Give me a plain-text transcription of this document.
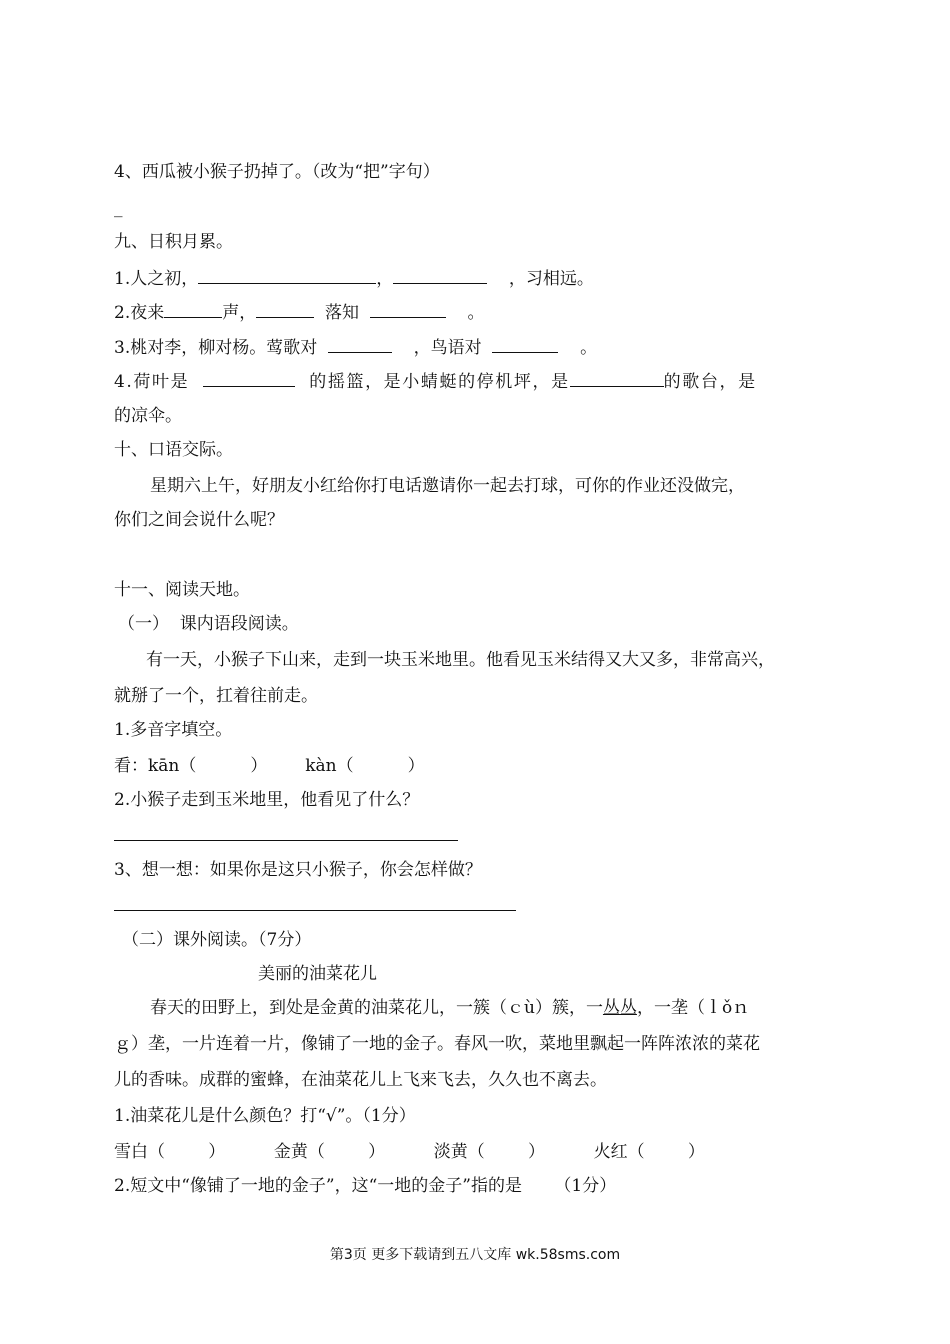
4、西瓜被小猴子扔掉了。（改为“把”字句）
_
九、日积月累。
1.人之初，	，	，习相远。
2.夜来	声，	落知	。
3.桃对李，柳对杨。莺歌对	，鸟语对	。
4.荷叶是	的摇篮，是小蜻蜓的停机坪，是	的歌台，是
的凉伞。
十、口语交际。
星期六上午，好朋友小红给你打电话邀请你一起去打球，可你的作业还没做完，
你们之间会说什么呢？
十一、阅读天地。
（一）  课内语段阅读。
有一天，小猴子下山来，走到一块玉米地里。他看见玉米结得又大又多，非常高兴，
就掰了一个，扛着往前走。
1.多音字填空。
看：kān（          ）       kàn（          ）
2.小猴子走到玉米地里，他看见了什么？
3、想一想：如果你是这只小猴子，你会怎样做？
（二）课外阅读。（7分）
美丽的油菜花儿
春天的田野上，到处是金黄的油菜花儿，一簇（ｃù）簇，一丛丛，一垄（ｌǒｎ
ｇ）垄，一片连着一片，像铺了一地的金子。春风一吹，菜地里飘起一阵阵浓浓的菜花
儿的香味。成群的蜜蜂，在油菜花儿上飞来飞去，久久也不离去。
1.油菜花儿是什么颜色？打“√”。（1分）
雪白（        ）         金黄（        ）         淡黄（        ）         火红（        ）
2.短文中“像铺了一地的金子”，这“一地的金子”指的是      （1分）
第3页 更多下载请到五八文库 wk.58sms.com
